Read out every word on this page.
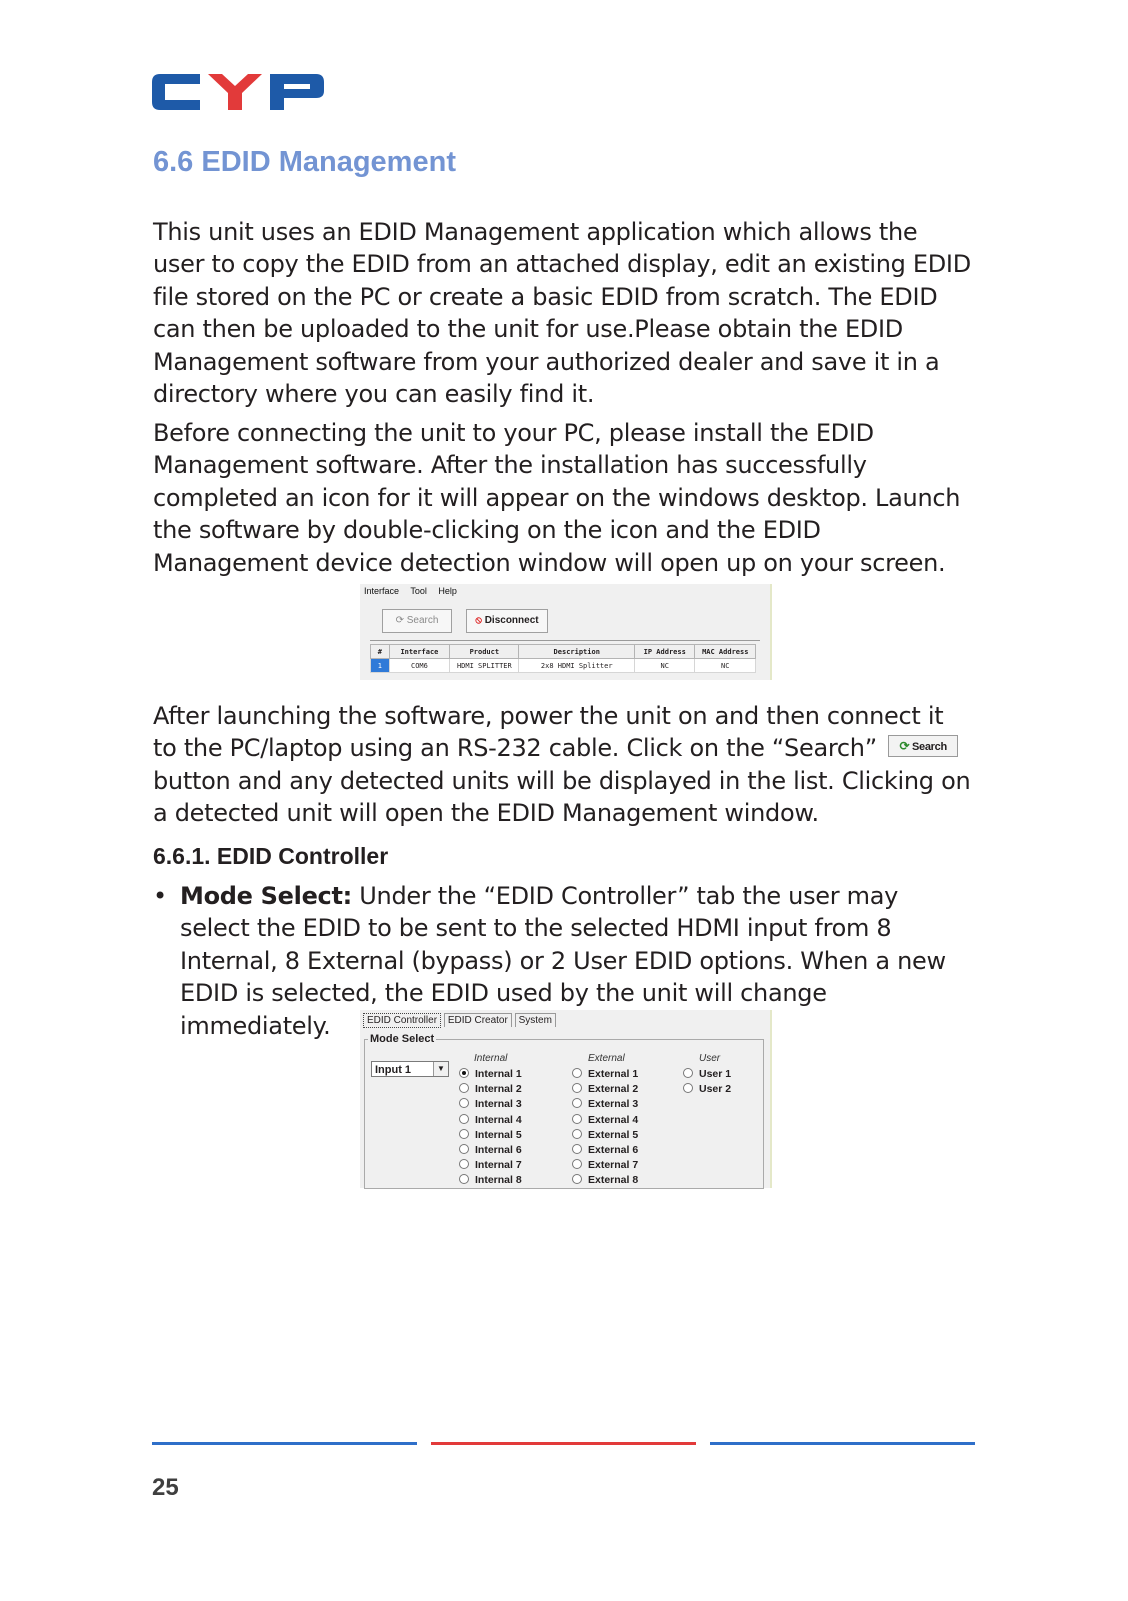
6.6 EDID Management

This unit uses an EDID Management application which allows the user to copy the EDID from an attached display, edit an existing EDID file stored on the PC or create a basic EDID from scratch. The EDID can then be uploaded to the unit for use.Please obtain the EDID Management software from your authorized dealer and save it in a directory where you can easily find it.

Before connecting the unit to your PC, please install the EDID Management software. After the installation has successfully completed an icon for it will appear on the windows desktop. Launch the software by double-clicking on the icon and the EDID Management device detection window will open up on your screen.

Interface Tool Help
⟳ Search	⦸ Disconnect
#	Interface	Product	Description	IP Address	MAC Address
1	COM6	HDMI SPLITTER	2x8 HDMI Splitter	NC	NC

After launching the software, power the unit on and then connect it to the PC/laptop using an RS-232 cable. Click on the “Search” ⟳ Search button and any detected units will be displayed in the list. Clicking on a detected unit will open the EDID Management window.

6.6.1. EDID Controller
• Mode Select: Under the “EDID Controller” tab the user may select the EDID to be sent to the selected HDMI input from 8 Internal, 8 External (bypass) or 2 User EDID options. When a new EDID is selected, the EDID used by the unit will change immediately.	EDID Controller EDID Creator System
Mode Select
Input 1	▼
Internal	External	User
Internal 1
Internal 2
Internal 3
Internal 4
Internal 5
Internal 6
Internal 7
Internal 8
External 1
External 2
External 3
External 4
External 5
External 6
External 7
External 8
User 1
User 2
25
